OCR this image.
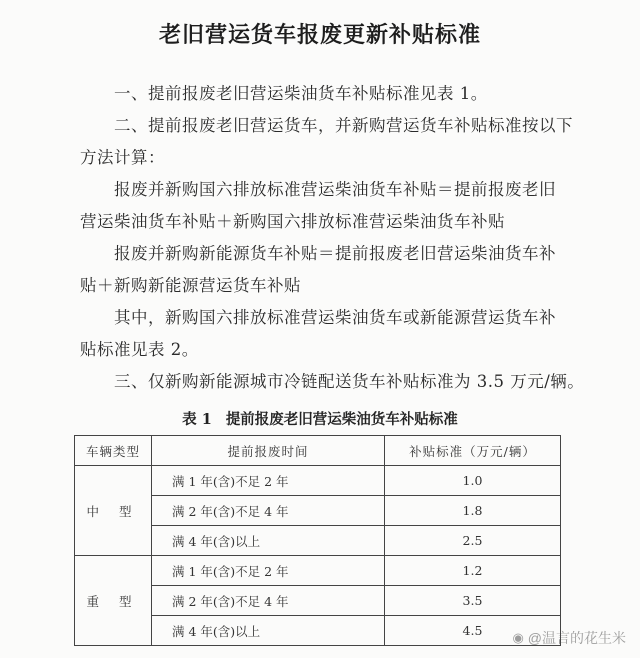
老旧营运货车报废更新补贴标准
一、提前报废老旧营运柴油货车补贴标准见表 1。
二、提前报废老旧营运货车，并新购营运货车补贴标准按以下
方法计算：
报废并新购国六排放标准营运柴油货车补贴＝提前报废老旧
营运柴油货车补贴＋新购国六排放标准营运柴油货车补贴
报废并新购新能源货车补贴＝提前报废老旧营运柴油货车补
贴＋新购新能源营运货车补贴
其中，新购国六排放标准营运柴油货车或新能源营运货车补
贴标准见表 2。
三、仅新购新能源城市冷链配送货车补贴标准为 3.5 万元/辆。
表 1 提前报废老旧营运柴油货车补贴标准
车辆类型	提前报废时间	补贴标准（万元/辆）
中 型	满 1 年(含)不足 2 年	1.0
	满 2 年(含)不足 4 年	1.8
	满 4 年(含)以上	2.5
重 型	满 1 年(含)不足 2 年	1.2
	满 2 年(含)不足 4 年	3.5
	满 4 年(含)以上	4.5 ◉ @温言的花生米
